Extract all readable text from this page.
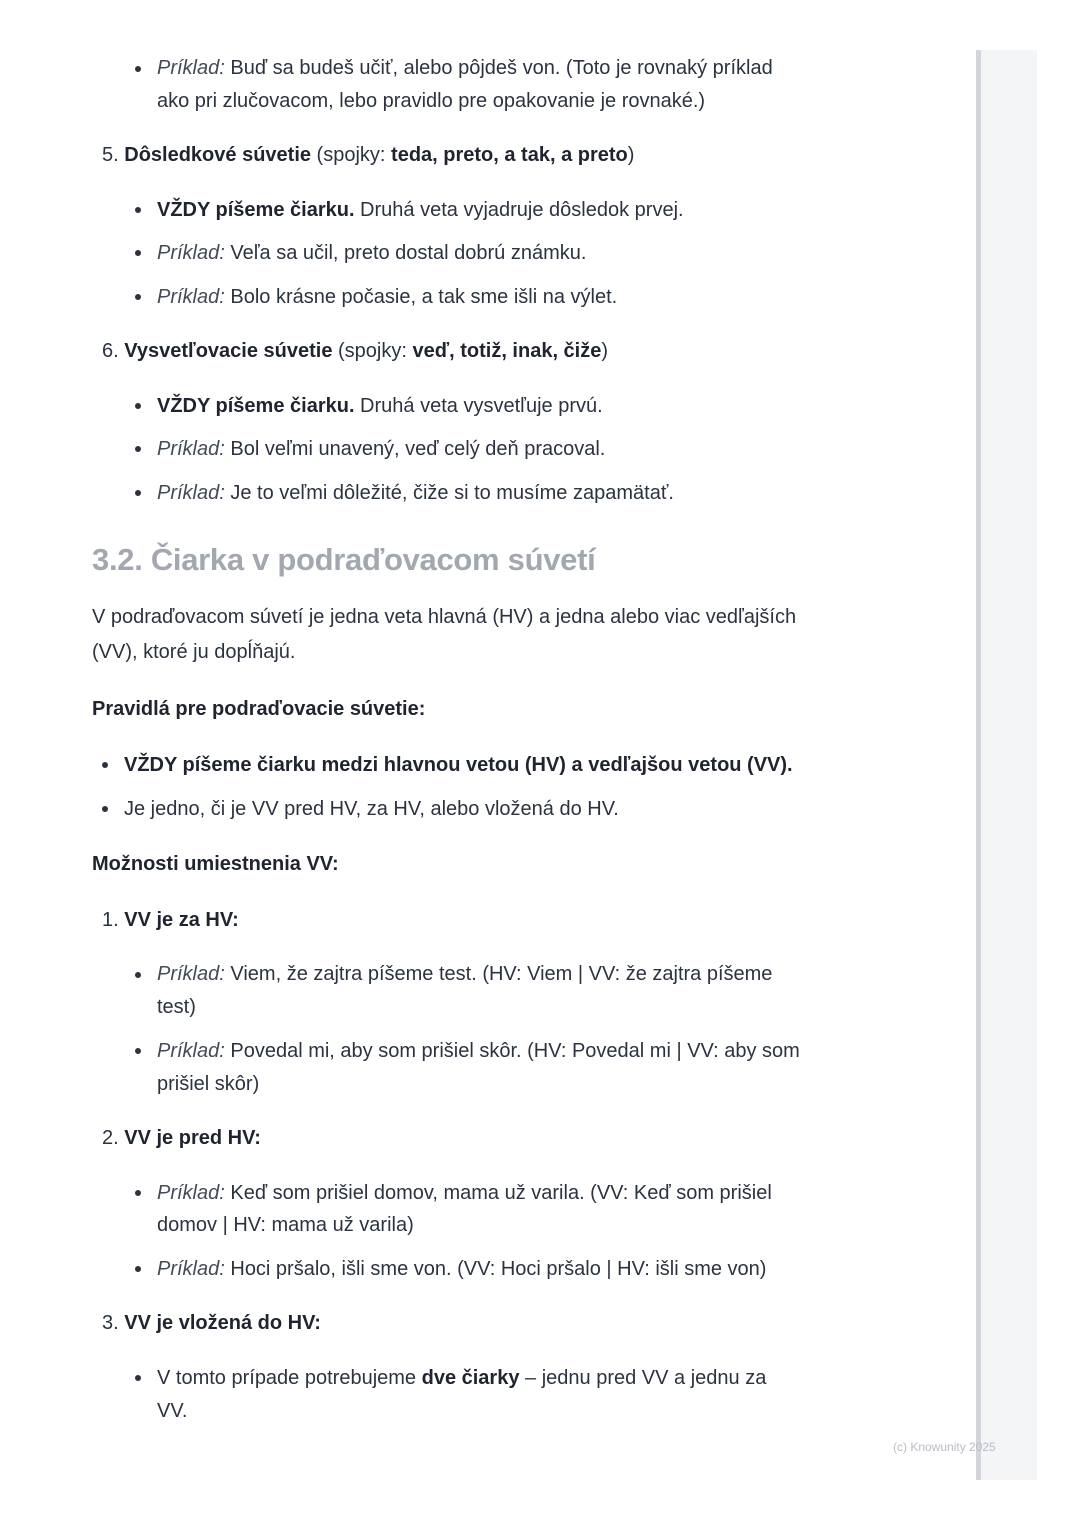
Príklad: Buď sa budeš učiť, alebo pôjdeš von. (Toto je rovnaký príklad
ako pri zlučovacom, lebo pravidlo pre opakovanie je rovnaké.)
5. Dôsledkové súvetie (spojky: teda, preto, a tak, a preto)
VŽDY píšeme čiarku. Druhá veta vyjadruje dôsledok prvej.
Príklad: Veľa sa učil, preto dostal dobrú známku.
Príklad: Bolo krásne počasie, a tak sme išli na výlet.
6. Vysvetľovacie súvetie (spojky: veď, totiž, inak, čiže)
VŽDY píšeme čiarku. Druhá veta vysvetľuje prvú.
Príklad: Bol veľmi unavený, veď celý deň pracoval.
Príklad: Je to veľmi dôležité, čiže si to musíme zapamätať.
3.2. Čiarka v podraďovacom súvetí
V podraďovacom súvetí je jedna veta hlavná (HV) a jedna alebo viac vedľajších
(VV), ktoré ju dopĺňajú.
Pravidlá pre podraďovacie súvetie:
VŽDY píšeme čiarku medzi hlavnou vetou (HV) a vedľajšou vetou (VV).
Je jedno, či je VV pred HV, za HV, alebo vložená do HV.
Možnosti umiestnenia VV:
1. VV je za HV:
Príklad: Viem, že zajtra píšeme test. (HV: Viem | VV: že zajtra píšeme
test)
Príklad: Povedal mi, aby som prišiel skôr. (HV: Povedal mi | VV: aby som
prišiel skôr)
2. VV je pred HV:
Príklad: Keď som prišiel domov, mama už varila. (VV: Keď som prišiel
domov | HV: mama už varila)
Príklad: Hoci pršalo, išli sme von. (VV: Hoci pršalo | HV: išli sme von)
3. VV je vložená do HV:
V tomto prípade potrebujeme dve čiarky – jednu pred VV a jednu za
VV.
(c) Knowunity 2025
